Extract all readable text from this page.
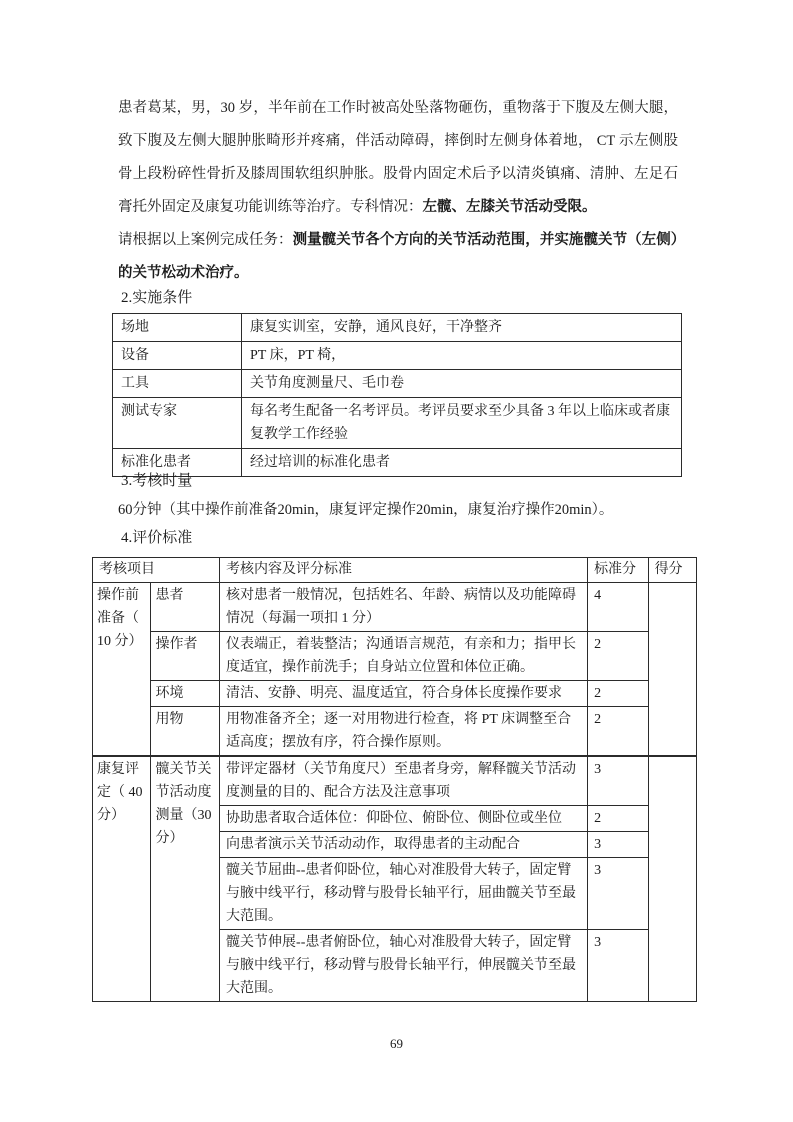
患者葛某，男，30 岁，半年前在工作时被高处坠落物砸伤，重物落于下腹及左侧大腿，致下腹及左侧大腿肿胀畸形并疼痛，伴活动障碍，摔倒时左侧身体着地， CT 示左侧股骨上段粉碎性骨折及膝周围软组织肿胀。股骨内固定术后予以清炎镇痛、清肿、左足石膏托外固定及康复功能训练等治疗。专科情况：左髋、左膝关节活动受限。

请根据以上案例完成任务：测量髋关节各个方向的关节活动范围，并实施髋关节（左侧）的关节松动术治疗。

2.实施条件
场地	康复实训室，安静，通风良好，干净整齐
设备	PT 床，PT 椅，
工具	关节角度测量尺、毛巾卷
测试专家	每名考生配备一名考评员。考评员要求至少具备 3 年以上临床或者康复教学工作经验
标准化患者	经过培训的标准化患者
3.考核时量

60分钟（其中操作前准备20min，康复评定操作20min，康复治疗操作20min）。

4.评价标准
考核项目		考核内容及评分标准	标准分	得分
操作前准备（ 10 分）	患者	核对患者一般情况，包括姓名、年龄、病情以及功能障碍情况（每漏一项扣 1 分）	4	
	操作者	仪表端正，着装整洁；沟通语言规范，有亲和力；指甲长度适宜，操作前洗手；自身站立位置和体位正确。	2	
	环境	清洁、安静、明亮、温度适宜，符合身体长度操作要求	2	
	用物	用物准备齐全；逐一对用物进行检查，将 PT 床调整至合适高度；摆放有序，符合操作原则。	2	
康复评定（ 40 分）	髋关节关节活动度测量（30 分）	带评定器材（关节角度尺）至患者身旁，解释髋关节活动度测量的目的、配合方法及注意事项	3	
		协助患者取合适体位：仰卧位、俯卧位、侧卧位或坐位	2	
		向患者演示关节活动动作，取得患者的主动配合	3	
		髋关节屈曲--患者仰卧位，轴心对准股骨大转子，固定臂与腋中线平行，移动臂与股骨长轴平行，屈曲髋关节至最大范围。	3	
		髋关节伸展--患者俯卧位，轴心对准股骨大转子，固定臂与腋中线平行，移动臂与股骨长轴平行，伸展髋关节至最大范围。	3	

69
